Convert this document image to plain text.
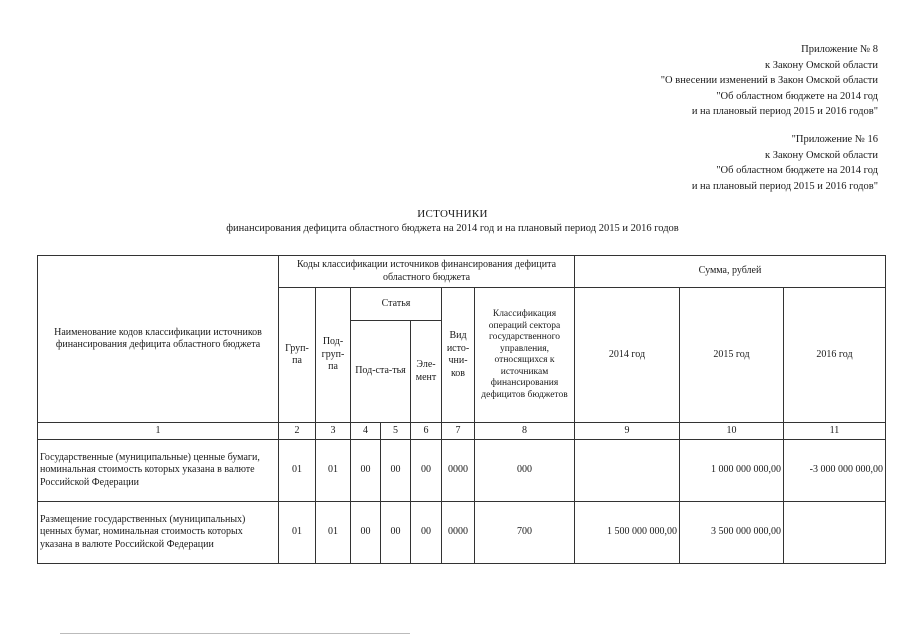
Приложение № 8
к Закону Омской области
"О внесении изменений в Закон Омской области
"Об областном бюджете на 2014 год
и на плановый период 2015 и 2016 годов"
"Приложение № 16
к Закону Омской области
"Об областном бюджете на 2014 год
и на плановый период 2015 и 2016 годов"
ИСТОЧНИКИ
финансирования дефицита областного бюджета на 2014 год и на плановый период 2015 и 2016 годов
Наименование кодов классификации источников финансирования дефицита областного бюджета	Коды классификации источников финансирования дефицита областного бюджета							Сумма, рублей		
	Груп-па	Под-груп-па	Статья			Вид исто-чни-ков	Классификация операций сектора государственного управления, относящихся к источникам финансирования дефицитов бюджетов	2014 год	2015 год	2016 год
			Под-ста-тья		Эле-мент					
1	2	3	4	5	6	7	8	9	10	11
Государственные (муниципальные) ценные бумаги, номинальная стоимость которых указана в валюте Российской Федерации	01	01	00	00	00	0000	000		1 000 000 000,00	-3 000 000 000,00
Размещение государственных (муниципальных) ценных бумаг, номинальная стоимость которых указана в валюте Российской Федерации	01	01	00	00	00	0000	700	1 500 000 000,00	3 500 000 000,00	
